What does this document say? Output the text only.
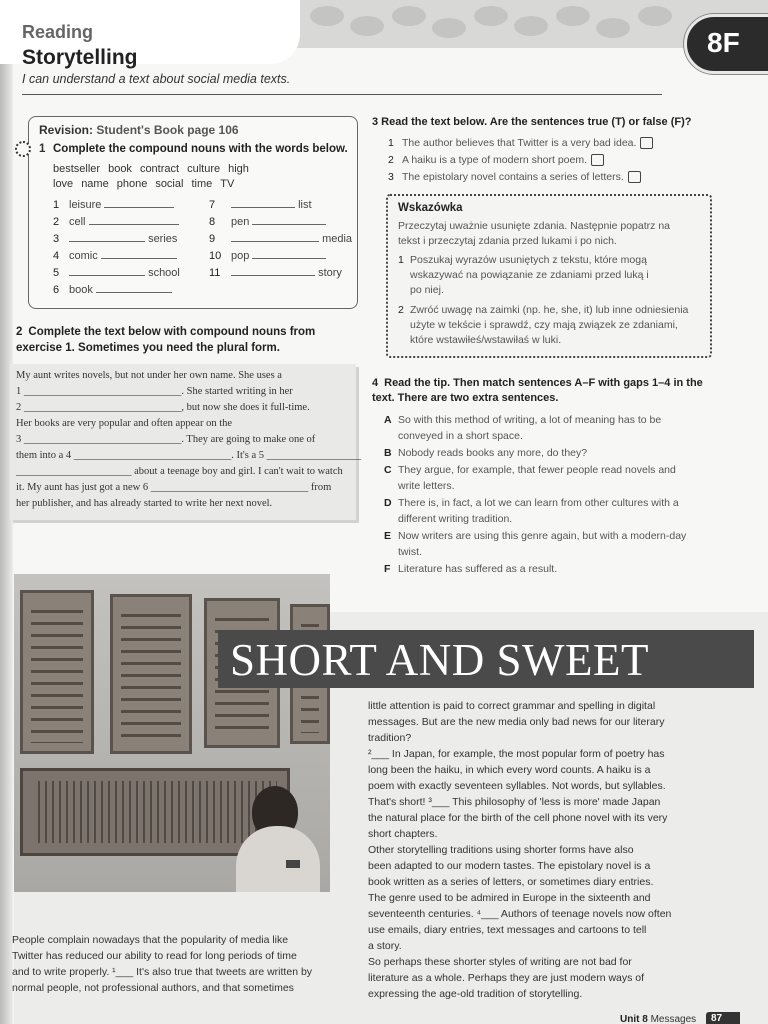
Reading
Storytelling
I can understand a text about social media texts.
8F
Revision: Student's Book page 106
1 Complete the compound nouns with the words below.
bestseller book contract culture high
love name phone social time TV
1 leisure
2 cell
3	series
4 comic
5	school
6 book
7	list
8 pen
9	media
10 pop
11	story
2 Complete the text below with compound nouns from exercise 1. Sometimes you need the plural form.
My aunt writes novels, but not under her own name. She uses a
1 ______________________________. She started writing in her
2 ______________________________, but now she does it full-time.
Her books are very popular and often appear on the
3 ______________________________. They are going to make one of
them into a 4 ______________________________. It's a 5 __________________
______________________ about a teenage boy and girl. I can't wait to watch
it. My aunt has just got a new 6 ______________________________ from
her publisher, and has already started to write her next novel.
3 Read the text below. Are the sentences true (T) or false (F)?
1 The author believes that Twitter is a very bad idea.
2 A haiku is a type of modern short poem.
3 The epistolary novel contains a series of letters.
Wskazówka
Przeczytaj uważnie usunięte zdania. Następnie popatrz na
tekst i przeczytaj zdania przed lukami i po nich.
1 Poszukaj wyrazów usuniętych z tekstu, które mogą
wskazywać na powiązanie ze zdaniami przed luką i
po niej.
2 Zwróć uwagę na zaimki (np. he, she, it) lub inne odniesienia
użyte w tekście i sprawdź, czy mają związek ze zdaniami,
które wstawiłeś/wstawiłaś w luki.
4 Read the tip. Then match sentences A–F with gaps 1–4 in the text. There are two extra sentences.
A So with this method of writing, a lot of meaning has to be
conveyed in a short space.
B Nobody reads books any more, do they?
C They argue, for example, that fewer people read novels and
write letters.
D There is, in fact, a lot we can learn from other cultures with a
different writing tradition.
E Now writers are using this genre again, but with a modern-day
twist.
F Literature has suffered as a result.
SHORT AND SWEET
People complain nowadays that the popularity of media like
Twitter has reduced our ability to read for long periods of time
and to write properly. ¹___ It's also true that tweets are written by
normal people, not professional authors, and that sometimes
little attention is paid to correct grammar and spelling in digital
messages. But are the new media only bad news for our literary
tradition?
²___ In Japan, for example, the most popular form of poetry has
long been the haiku, in which every word counts. A haiku is a
poem with exactly seventeen syllables. Not words, but syllables.
That's short! ³___ This philosophy of 'less is more' made Japan
the natural place for the birth of the cell phone novel with its very
short chapters.
Other storytelling traditions using shorter forms have also
been adapted to our modern tastes. The epistolary novel is a
book written as a series of letters, or sometimes diary entries.
The genre used to be admired in Europe in the sixteenth and
seventeenth centuries. ⁴___ Authors of teenage novels now often
use emails, diary entries, text messages and cartoons to tell
a story.
So perhaps these shorter styles of writing are not bad for
literature as a whole. Perhaps they are just modern ways of
expressing the age-old tradition of storytelling.
Unit 8 Messages 87
